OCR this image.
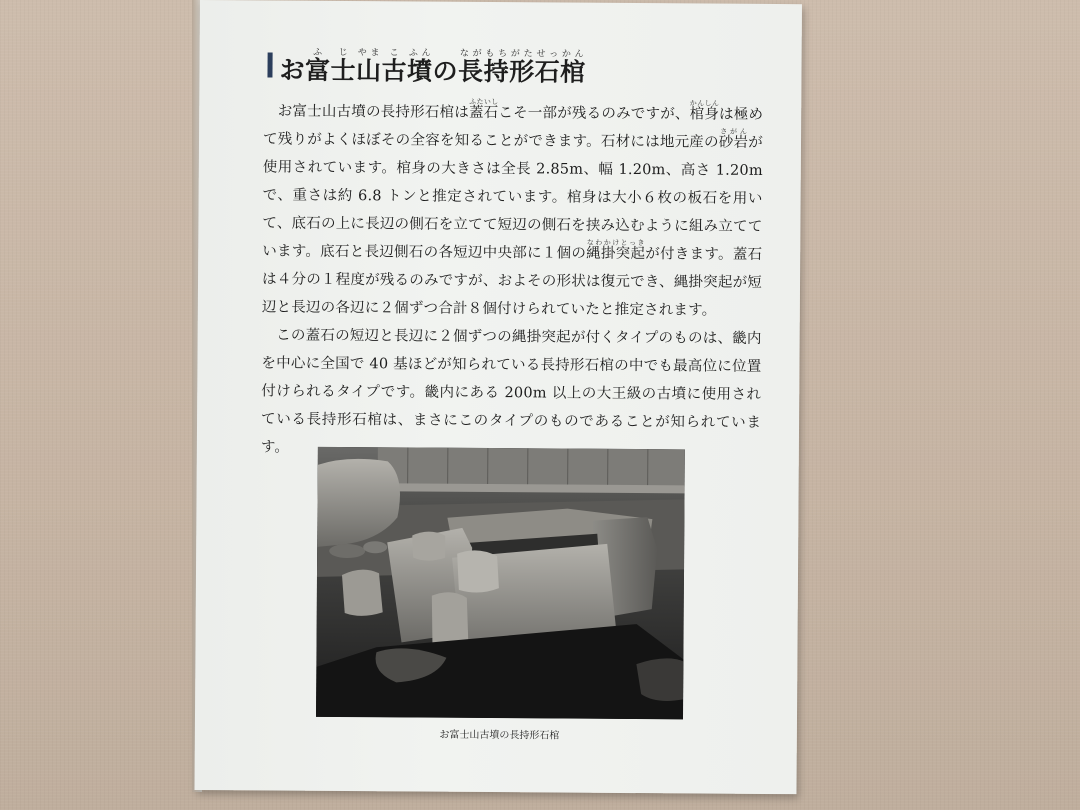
お富ふ士じ山やま古こ墳ふんの長なが持もち形がた石せっ棺かん

お富士山古墳の長持形石棺は蓋石ふたいしこそ一部が残るのみですが、棺身かんしんは極めて残りがよくほぼその全容を知ることができます。石材には地元産の砂岩さがんが使用されています。棺身の大きさは全長 2.85m、幅 1.20m、高さ 1.20m で、重さは約 6.8 トンと推定されています。棺身は大小６枚の板石を用いて、底石の上に長辺の側石を立てて短辺の側石を挟み込むように組み立てています。底石と長辺側石の各短辺中央部に１個の縄掛突起なわかけとっきが付きます。蓋石は４分の１程度が残るのみですが、およその形状は復元でき、縄掛突起が短辺と長辺の各辺に２個ずつ合計８個付けられていたと推定されます。

この蓋石の短辺と長辺に２個ずつの縄掛突起が付くタイプのものは、畿内を中心に全国で 40 基ほどが知られている長持形石棺の中でも最高位に位置付けられるタイプです。畿内にある 200m 以上の大王級の古墳に使用されている長持形石棺は、まさにこのタイプのものであることが知られています。

お富士山古墳の長持形石棺
